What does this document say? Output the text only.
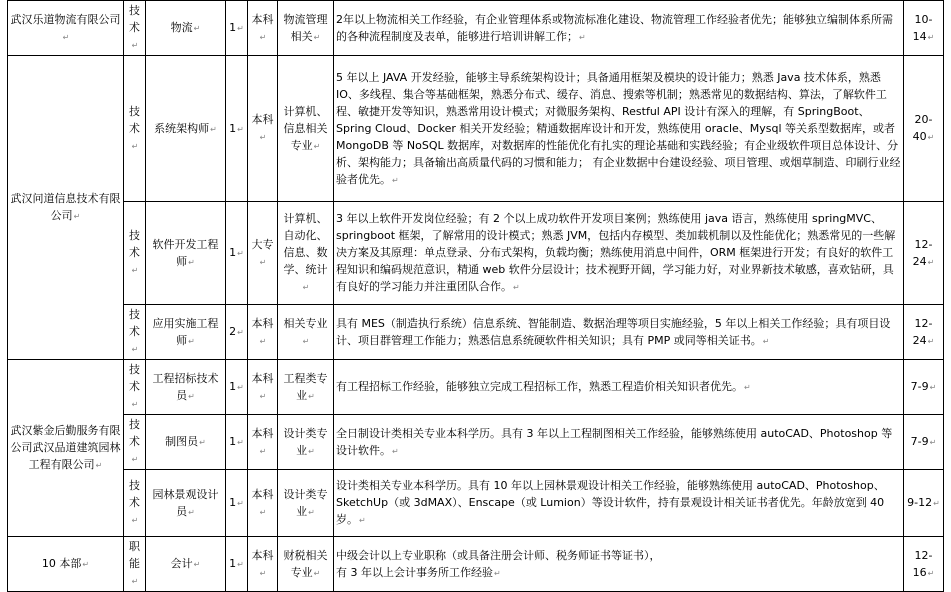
武汉乐道物流有限公司↵	技术↵	物流↵	1↵	本科↵	物流管理相关↵	2年以上物流相关工作经验，有企业管理体系或物流标准化建设、物流管理工作经验者优先；能够独立编制体系所需的各种流程制度及表单，能够进行培训讲解工作；↵	10-14↵
武汉问道信息技术有限公司↵	技术↵	系统架构师↵	1↵	本科↵	计算机、信息相关专业↵	5 年以上 JAVA 开发经验，能够主导系统架构设计；具备通用框架及模块的设计能力；熟悉 Java 技术体系，熟悉 IO、多线程、集合等基础框架，熟悉分布式、缓存、消息、搜索等机制；熟悉常见的数据结构、算法，了解软件工程、敏捷开发等知识，熟悉常用设计模式；对微服务架构、Restful API 设计有深入的理解，有 SpringBoot、Spring Cloud、Docker 相关开发经验；精通数据库设计和开发，熟练使用 oracle、Mysql 等关系型数据库，或者 MongoDB 等 NoSQL 数据库，对数据库的性能优化有扎实的理论基础和实践经验；有企业级软件项目总体设计、分析、架构能力；具备输出高质量代码的习惯和能力； 有企业数据中台建设经验、项目管理、或烟草制造、印刷行业经验者优先。↵	20-40↵
	技术↵	软件开发工程师↵	1↵	大专↵	计算机、自动化、信息、数学、统计↵	3 年以上软件开发岗位经验；有 2 个以上成功软件开发项目案例；熟练使用 java 语言，熟练使用 springMVC、springboot 框架，了解常用的设计模式；熟悉 JVM，包括内存模型、类加载机制以及性能优化；熟悉常见的一些解决方案及其原理：单点登录、分布式架构，负载均衡；熟练使用消息中间件，ORM 框架进行开发；有良好的软件工程知识和编码规范意识，精通 web 软件分层设计；技术视野开阔，学习能力好，对业界新技术敏感，喜欢钻研，具有良好的学习能力并注重团队合作。↵	12-24↵
	技术↵	应用实施工程师↵	2↵	本科↵	相关专业↵	具有 MES（制造执行系统）信息系统、智能制造、数据治理等项目实施经验，5 年以上相关工作经验；具有项目设计、项目群管理工作能力；熟悉信息系统硬软件相关知识；具有 PMP 或同等相关证书。↵	12-24↵
武汉紫金后勤服务有限公司武汉品道建筑园林工程有限公司↵	技术↵	工程招标技术员↵	1↵	本科↵	工程类专业↵	有工程招标工作经验，能够独立完成工程招标工作，熟悉工程造价相关知识者优先。↵	7-9↵
	技术↵	制图员↵	1↵	本科↵	设计类专业↵	全日制设计类相关专业本科学历。具有 3 年以上工程制图相关工作经验，能够熟练使用 autoCAD、Photoshop 等设计软件。↵	7-9↵
	技术↵	园林景观设计员↵	1↵	本科↵	设计类专业↵	设计类相关专业本科学历。具有 10 年以上园林景观设计相关工作经验，能够熟练使用 autoCAD、Photoshop、SketchUp（或 3dMAX）、Enscape（或 Lumion）等设计软件，持有景观设计相关证书者优先。年龄放宽到 40 岁。↵	9-12↵
10 本部↵	职能↵	会计↵	1↵	本科↵	财税相关专业↵	中级会计以上专业职称（或具备注册会计师、税务师证书等证书），
有 3 年以上会计事务所工作经验↵	12-16↵
